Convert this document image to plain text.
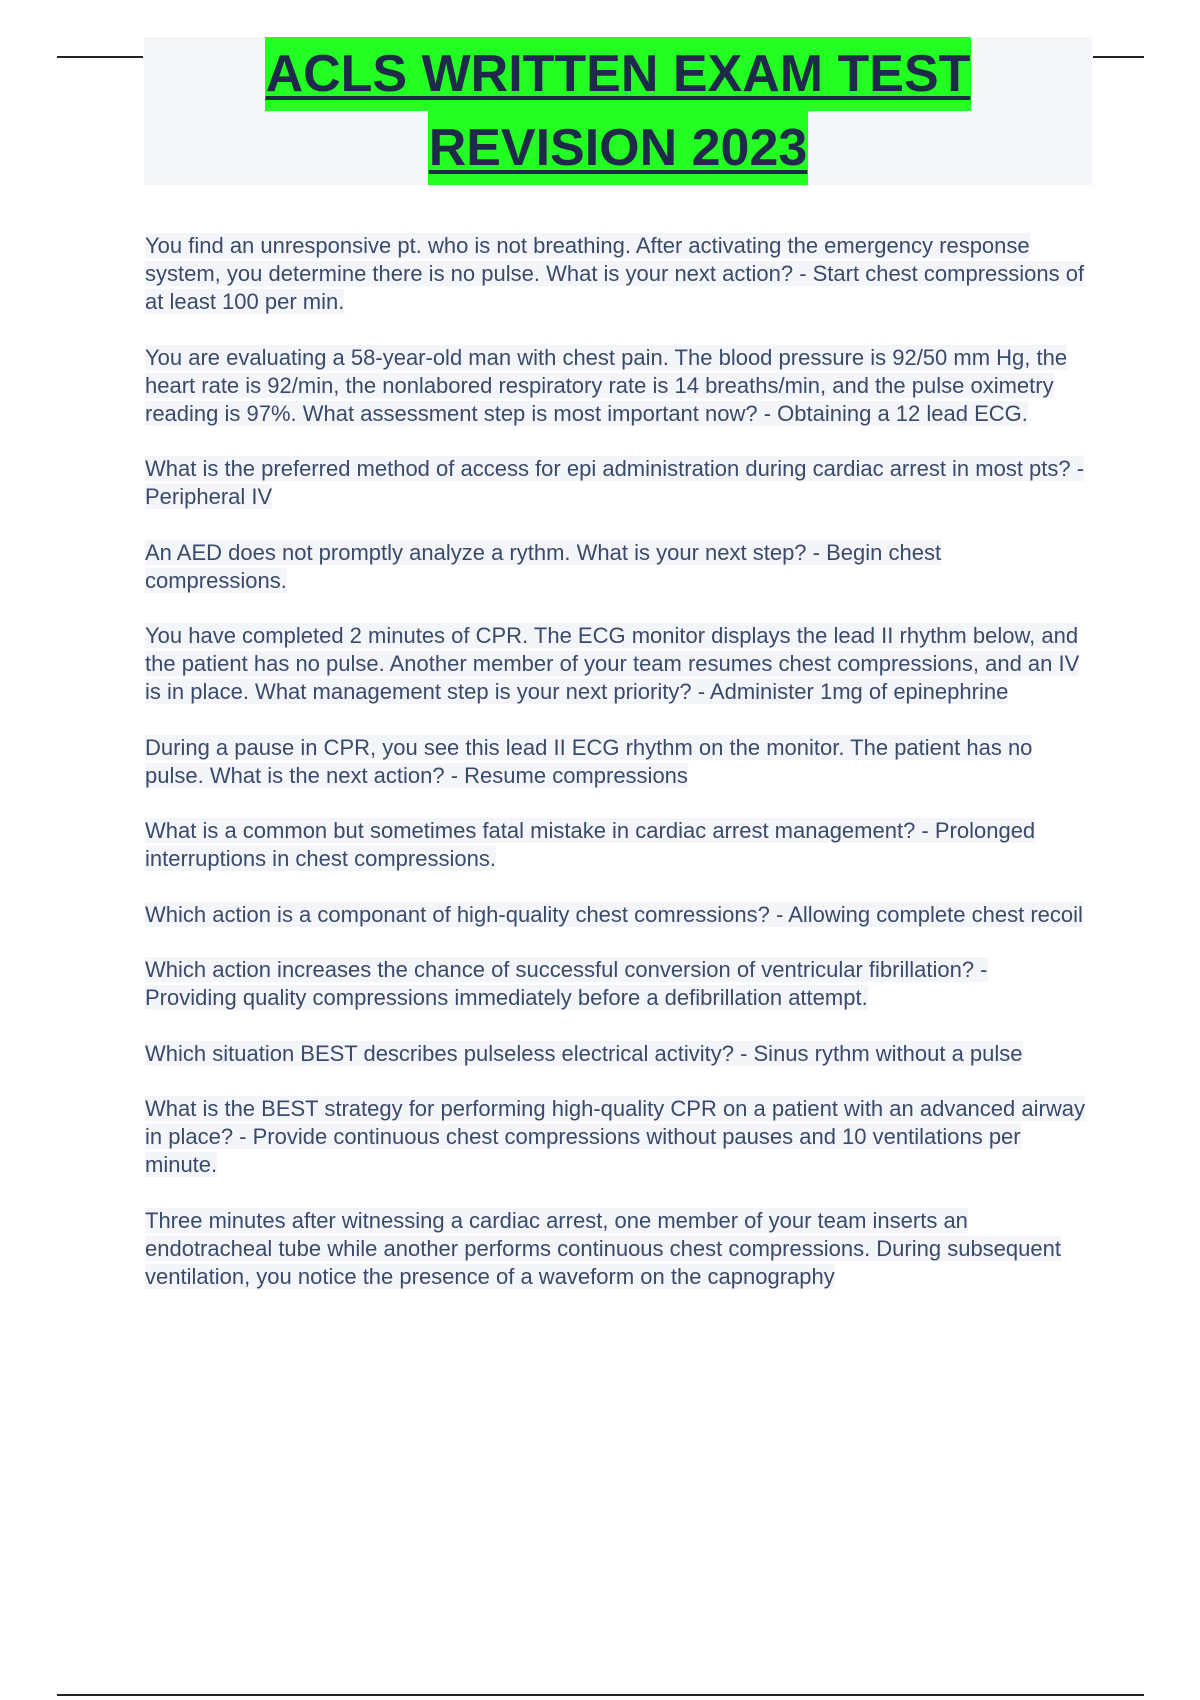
ACLS WRITTEN EXAM TEST
REVISION 2023

You find an unresponsive pt. who is not breathing. After activating the emergency response system, you determine there is no pulse. What is your next action? - Start chest compressions of at least 100 per min.

You are evaluating a 58-year-old man with chest pain. The blood pressure is 92/50 mm Hg, the heart rate is 92/min, the nonlabored respiratory rate is 14 breaths/min, and the pulse oximetry reading is 97%. What assessment step is most important now? - Obtaining a 12 lead ECG.

What is the preferred method of access for epi administration during cardiac arrest in most pts? - Peripheral IV

An AED does not promptly analyze a rythm. What is your next step? - Begin chest compressions.

You have completed 2 minutes of CPR. The ECG monitor displays the lead II rhythm below, and the patient has no pulse. Another member of your team resumes chest compressions, and an IV is in place. What management step is your next priority? - Administer 1mg of epinephrine

During a pause in CPR, you see this lead II ECG rhythm on the monitor. The patient has no pulse. What is the next action? - Resume compressions

What is a common but sometimes fatal mistake in cardiac arrest management? - Prolonged interruptions in chest compressions.

Which action is a componant of high-quality chest comressions? - Allowing complete chest recoil

Which action increases the chance of successful conversion of ventricular fibrillation? - Providing quality compressions immediately before a defibrillation attempt.

Which situation BEST describes pulseless electrical activity? - Sinus rythm without a pulse

What is the BEST strategy for performing high-quality CPR on a patient with an advanced airway in place? - Provide continuous chest compressions without pauses and 10 ventilations per minute.

Three minutes after witnessing a cardiac arrest, one member of your team inserts an endotracheal tube while another performs continuous chest compressions. During subsequent ventilation, you notice the presence of a waveform on the capnography
